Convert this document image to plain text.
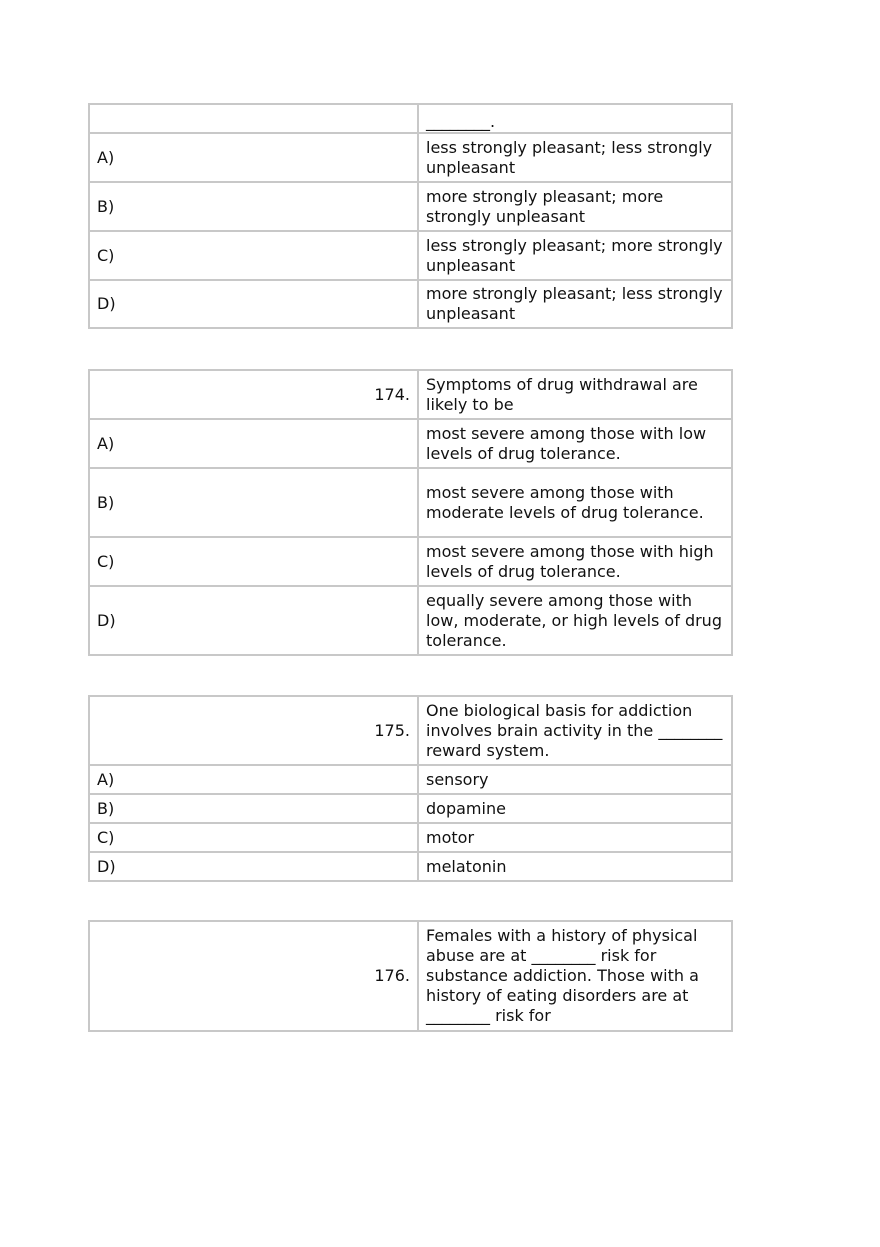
	________.
A)	less strongly pleasant; less strongly unpleasant
B)	more strongly pleasant; more strongly unpleasant
C)	less strongly pleasant; more strongly unpleasant
D)	more strongly pleasant; less strongly unpleasant
174.	Symptoms of drug withdrawal are likely to be
A)	most severe among those with low levels of drug tolerance.
B)	most severe among those with moderate levels of drug tolerance.
C)	most severe among those with high levels of drug tolerance.
D)	equally severe among those with low, moderate, or high levels of drug tolerance.
175.	One biological basis for addiction involves brain activity in the ________ reward system.
A)	sensory
B)	dopamine
C)	motor
D)	melatonin
176.	Females with a history of physical abuse are at ________ risk for substance addiction. Those with a history of eating disorders are at ________ risk for
